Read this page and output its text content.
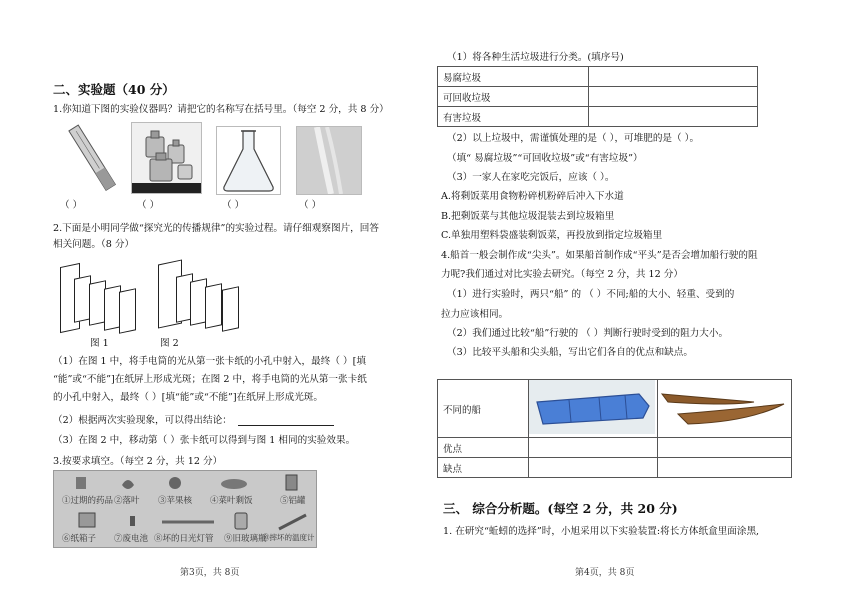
二、实验题（40 分）
1.你知道下图的实验仪器吗？请把它的名称写在括号里。（每空 2 分，共 8 分）
（ ）	（ ）	（ ）	（ ）
2.下面是小明同学做“探究光的传播规律”的实验过程。请仔细观察图片，回答
相关问题。（8 分）
图 1	图 2
（1）在图 1 中，将手电筒的光从第一张卡纸的小孔中射入，最终（ ）[填
“能”或“不能”]在纸屏上形成光斑；在图 2 中，将手电筒的光从第一张卡纸
的小孔中射入，最终（ ）[填“能”或“不能”]在纸屏上形成光斑。
（2）根据两次实验现象，可以得出结论：
（3）在图 2 中，移动第（ ）张卡纸可以得到与图 1 相同的实验效果。
3.按要求填空。（每空 2 分，共 12 分）
①过期的药品 ②落叶 ③苹果核 ④菜叶剩饭	⑤铝罐
⑥纸箱子 ⑦废电池 ⑧坏的日光灯管 ⑨旧玻璃瓶
⑩摔坏的温度计
第3页，共 8页
（1）将各种生活垃圾进行分类。(填序号)
易腐垃圾	
可回收垃圾	
有害垃圾	
（2）以上垃圾中，需谨慎处理的是（ ），可堆肥的是（ ）。
（填“ 易腐垃圾”“可回收垃圾”或“有害垃圾”）
（3）一家人在家吃完饭后，应该（ ）。
A.将剩饭菜用食物粉碎机粉碎后冲入下水道
B.把剩饭菜与其他垃圾混装去到垃圾箱里
C.单独用塑料袋盛装剩饭菜，再投放到指定垃圾箱里
4.船首一般会制作成“尖头”。如果船首制作成“平头”是否会增加船行驶的阻
力呢?我们通过对比实验去研究。（每空 2 分，共 12 分）
（1）进行实验时，两只“船” 的 （ ）不同;船的大小、轻重、受到的
拉力应该相同。
（2）我们通过比较“船”行驶的 （ ）判断行驶时受到的阻力大小。
（3）比较平头船和尖头船，写出它们各自的优点和缺点。
不同的船		
优点		
缺点		
三、 综合分析题。(每空 2 分，共 20 分)
1. 在研究“蚯蚓的选择”时，小旭采用以下实验装置:将长方体纸盒里面涂黑,
第4页，共 8页
